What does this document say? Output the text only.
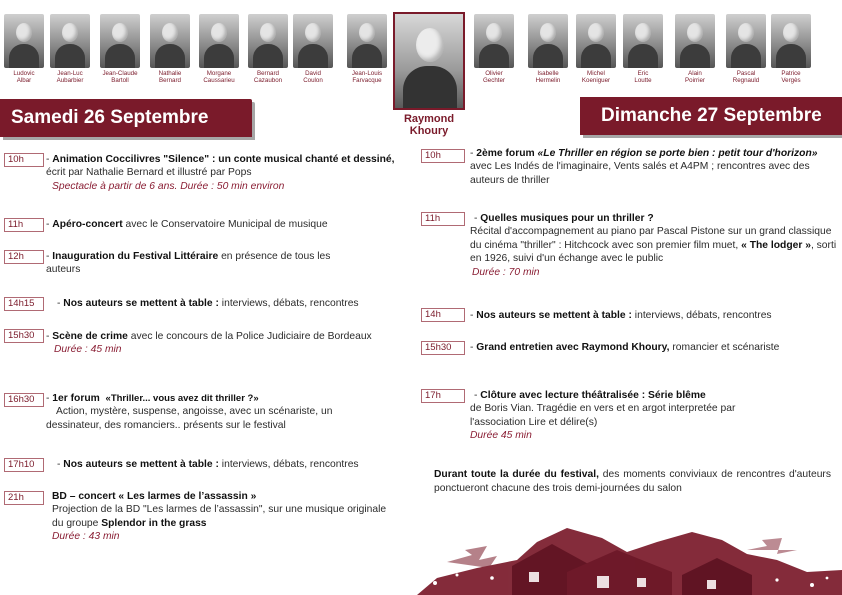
Ludovic
Albar
Jean-Luc
Aubarbier
Jean-Claude
Bartoll
Nathalie
Bernard
Morgane
Caussarieu
Bernard
Cazaubon
David
Coulon
Jean-Louis
Farvacque
Raymond
Khoury
Olivier
Gechter
Isabelle
Hermelin
Michel
Koeniguer
Eric
Loutte
Alain
Poirrier
Pascal
Regnauld
Patrice
Vergès
Samedi 26 Septembre	Dimanche 27 Septembre
10h	- Animation Coccilivres "Silence" : un conte musical chanté et dessiné, écrit par Nathalie Bernard et illustré par Pops
Spectacle à partir de 6 ans. Durée : 50 min environ
11h	- Apéro-concert avec le Conservatoire Municipal de musique
12h	- Inauguration du Festival Littéraire en présence de tous les auteurs
14h15	- Nos auteurs se mettent à table : interviews, débats, rencontres
15h30	- Scène de crime avec le concours de la Police Judiciaire de Bordeaux
Durée : 45 min
16h30	- 1er forum «Thriller... vous avez dit thriller ?»
Action, mystère, suspense, angoisse, avec un scénariste, un dessinateur, des romanciers.. présents sur le festival
17h10	- Nos auteurs se mettent à table : interviews, débats, rencontres
21h	BD – concert « Les larmes de l’assassin »
Projection de la BD "Les larmes de l’assassin", sur une musique originale du groupe Splendor in the grass
Durée : 43 min
10h	- 2ème forum «Le Thriller en région se porte bien : petit tour d'horizon» avec Les Indés de l'imaginaire, Vents salés et A4PM ; rencontres avec des auteurs de thriller
11h	- Quelles musiques pour un thriller ?
Récital d'accompagnement au piano par Pascal Pistone sur un grand classique du cinéma "thriller" : Hitchcock avec son premier film muet, « The lodger », sorti en 1926, suivi d'un échange avec le public
Durée : 70 min
14h	- Nos auteurs se mettent à table : interviews, débats, rencontres
15h30	- Grand entretien avec Raymond Khoury, romancier et scénariste
17h	- Clôture avec lecture théâtralisée : Série blême
de Boris Vian. Tragédie en vers et en argot interpretée par l'association Lire et délire(s)
Durée 45 min
Durant toute la durée du festival, des moments conviviaux de rencontres d'auteurs ponctueront chacune des trois demi-journées du salon
